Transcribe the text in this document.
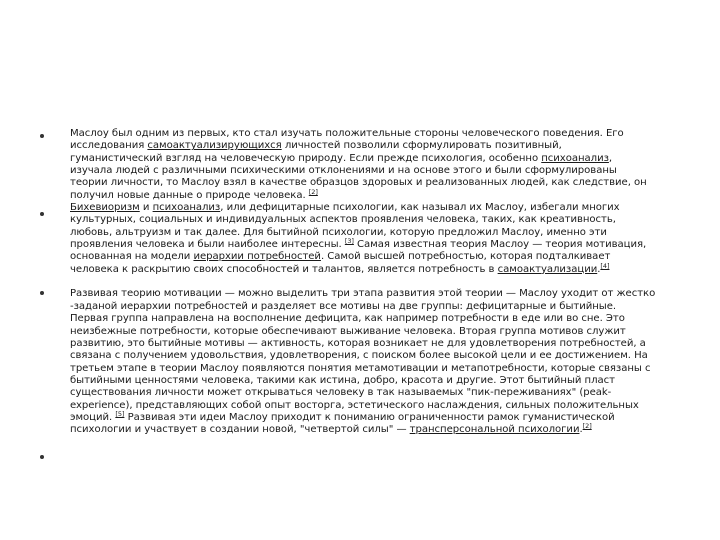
Маслоу был одним из первых, кто стал изучать положительные стороны человеческого поведения. Его
исследования самоактуализирующихся личностей позволили сформулировать позитивный,
гуманистический взгляд на человеческую природу. Если прежде психология, особенно психоанализ,
изучала людей с различными психическими отклонениями и на основе этого и были сформулированы
теории личности, то Маслоу взял в качестве образцов здоровых и реализованных людей, как следствие, он
получил новые данные о природе человека. [2]

Бихевиоризм и психоанализ, или дефицитарные психологии, как называл их Маслоу, избегали многих
культурных, социальных и индивидуальных аспектов проявления человека, таких, как креативность,
любовь, альтруизм и так далее. Для бытийной психологии, которую предложил Маслоу, именно эти
проявления человека и были наиболее интересны. [3] Самая известная теория Маслоу — теория мотивация,
основанная на модели иерархии потребностей. Самой высшей потребностью, которая подталкивает
человека к раскрытию своих способностей и талантов, является потребность в самоактуализации.[4]

Развивая теорию мотивации — можно выделить три этапа развития этой теории — Маслоу уходит от жестко
-заданой иерархии потребностей и разделяет все мотивы на две группы: дефицитарные и бытийные.
Первая группа направлена на восполнение дефицита, как например потребности в еде или во сне. Это
неизбежные потребности, которые обеспечивают выживание человека. Вторая группа мотивов служит
развитию, это бытийные мотивы — активность, которая возникает не для удовлетворения потребностей, а
связана с получением удовольствия, удовлетворения, с поиском более высокой цели и ее достижением. На
третьем этапе в теории Маслоу появляются понятия метамотивации и метапотребности, которые связаны с
бытийными ценностями человека, такими как истина, добро, красота и другие. Этот бытийный пласт
существования личности может открываться человеку в так называемых "пик-переживаниях" (peak-
experience), представляющих собой опыт восторга, эстетического наслаждения, сильных положительных
эмоций. [5] Развивая эти идеи Маслоу приходит к пониманию ограниченности рамок гуманистической
психологии и участвует в создании новой, "четвертой силы" — трансперсональной психологии.[2]
